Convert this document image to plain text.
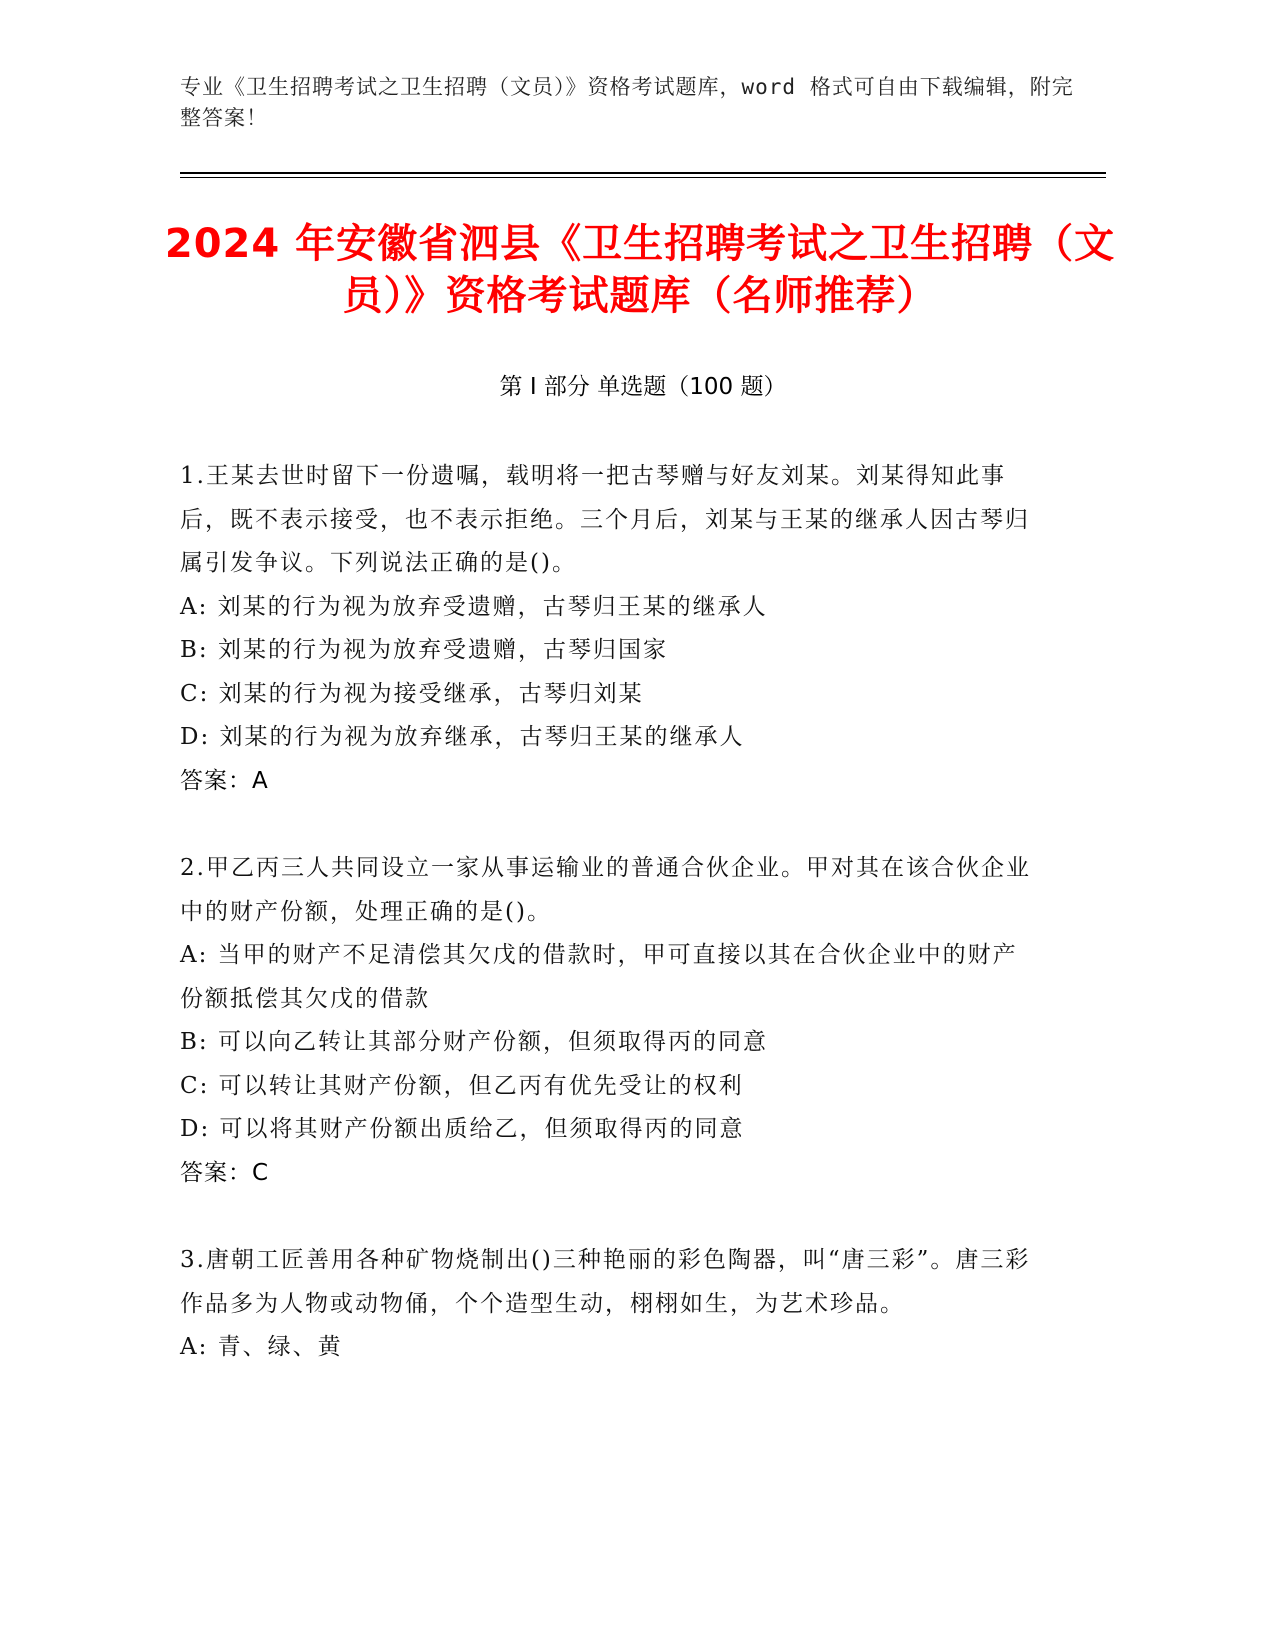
专业《卫生招聘考试之卫生招聘（文员）》资格考试题库，word 格式可自由下载编辑，附完整答案！
2024 年安徽省泗县《卫生招聘考试之卫生招聘（文员）》资格考试题库（名师推荐）
第 I 部分 单选题（100 题）
1.王某去世时留下一份遗嘱，载明将一把古琴赠与好友刘某。刘某得知此事后，既不表示接受，也不表示拒绝。三个月后，刘某与王某的继承人因古琴归属引发争议。下列说法正确的是()。
A: 刘某的行为视为放弃受遗赠，古琴归王某的继承人
B: 刘某的行为视为放弃受遗赠，古琴归国家
C: 刘某的行为视为接受继承，古琴归刘某
D: 刘某的行为视为放弃继承，古琴归王某的继承人
答案：A
2.甲乙丙三人共同设立一家从事运输业的普通合伙企业。甲对其在该合伙企业中的财产份额，处理正确的是()。
A: 当甲的财产不足清偿其欠戊的借款时，甲可直接以其在合伙企业中的财产份额抵偿其欠戊的借款
B: 可以向乙转让其部分财产份额，但须取得丙的同意
C: 可以转让其财产份额，但乙丙有优先受让的权利
D: 可以将其财产份额出质给乙，但须取得丙的同意
答案：C
3.唐朝工匠善用各种矿物烧制出()三种艳丽的彩色陶器，叫“唐三彩”。唐三彩作品多为人物或动物俑，个个造型生动，栩栩如生，为艺术珍品。
A: 青、绿、黄
